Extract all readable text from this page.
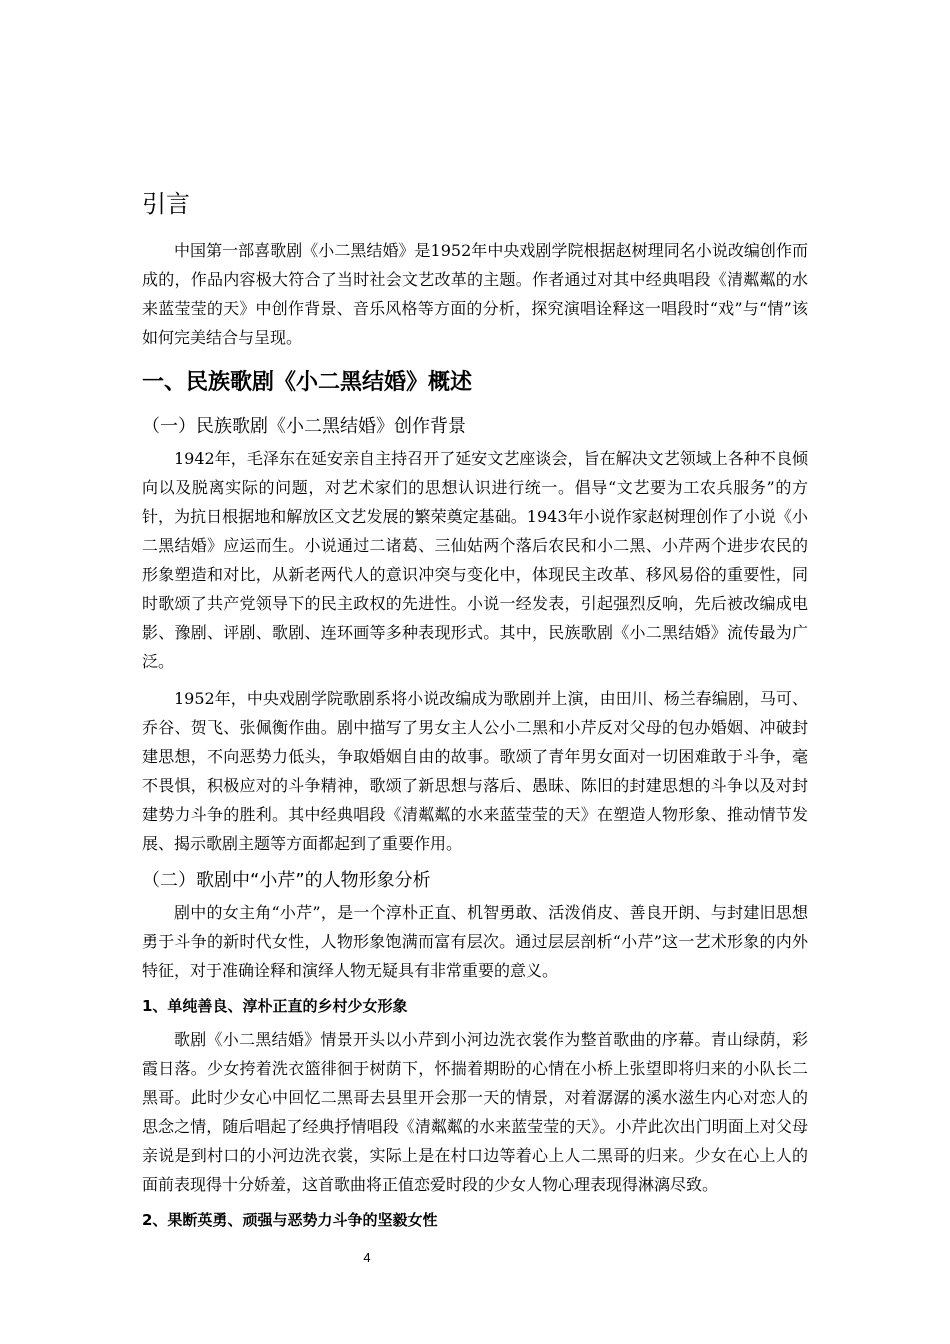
引言

中国第一部喜歌剧《小二黑结婚》是1952年中央戏剧学院根据赵树理同名小说改编创作而成的，作品内容极大符合了当时社会文艺改革的主题。作者通过对其中经典唱段《清粼粼的水来蓝莹莹的天》中创作背景、音乐风格等方面的分析，探究演唱诠释这一唱段时“戏”与“情”该如何完美结合与呈现。

一、民族歌剧《小二黑结婚》概述
（一）民族歌剧《小二黑结婚》创作背景

1942年，毛泽东在延安亲自主持召开了延安文艺座谈会，旨在解决文艺领域上各种不良倾向以及脱离实际的问题，对艺术家们的思想认识进行统一。倡导“文艺要为工农兵服务”的方针，为抗日根据地和解放区文艺发展的繁荣奠定基础。1943年小说作家赵树理创作了小说《小二黑结婚》应运而生。小说通过二诸葛、三仙姑两个落后农民和小二黑、小芹两个进步农民的形象塑造和对比，从新老两代人的意识冲突与变化中，体现民主改革、移风易俗的重要性，同时歌颂了共产党领导下的民主政权的先进性。小说一经发表，引起强烈反响，先后被改编成电影、豫剧、评剧、歌剧、连环画等多种表现形式。其中，民族歌剧《小二黑结婚》流传最为广泛。

1952年，中央戏剧学院歌剧系将小说改编成为歌剧并上演，由田川、杨兰春编剧，马可、乔谷、贺飞、张佩衡作曲。剧中描写了男女主人公小二黑和小芹反对父母的包办婚姻、冲破封建思想，不向恶势力低头，争取婚姻自由的故事。歌颂了青年男女面对一切困难敢于斗争，毫不畏惧，积极应对的斗争精神，歌颂了新思想与落后、愚昧、陈旧的封建思想的斗争以及对封建势力斗争的胜利。其中经典唱段《清粼粼的水来蓝莹莹的天》在塑造人物形象、推动情节发展、揭示歌剧主题等方面都起到了重要作用。

（二）歌剧中“小芹”的人物形象分析

剧中的女主角“小芹”，是一个淳朴正直、机智勇敢、活泼俏皮、善良开朗、与封建旧思想勇于斗争的新时代女性，人物形象饱满而富有层次。通过层层剖析“小芹”这一艺术形象的内外特征，对于准确诠释和演绎人物无疑具有非常重要的意义。

1、单纯善良、淳朴正直的乡村少女形象

歌剧《小二黑结婚》情景开头以小芹到小河边洗衣裳作为整首歌曲的序幕。青山绿荫，彩霞日落。少女挎着洗衣篮徘徊于树荫下，怀揣着期盼的心情在小桥上张望即将归来的小队长二黑哥。此时少女心中回忆二黑哥去县里开会那一天的情景，对着潺潺的溪水滋生内心对恋人的思念之情，随后唱起了经典抒情唱段《清粼粼的水来蓝莹莹的天》。小芹此次出门明面上对父母亲说是到村口的小河边洗衣裳，实际上是在村口边等着心上人二黑哥的归来。少女在心上人的面前表现得十分娇羞，这首歌曲将正值恋爱时段的少女人物心理表现得淋漓尽致。

2、果断英勇、顽强与恶势力斗争的坚毅女性
4
